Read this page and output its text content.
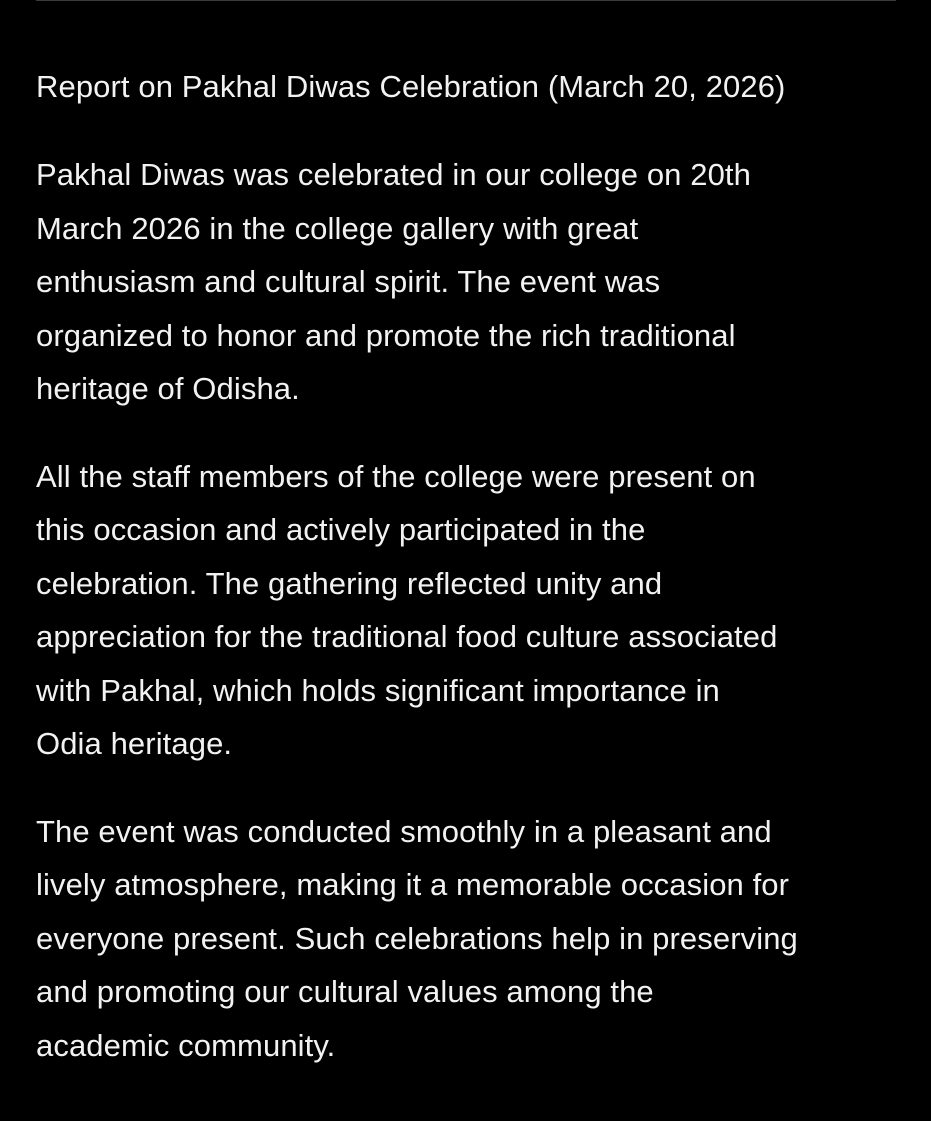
Report on Pakhal Diwas Celebration (March 20, 2026)
Pakhal Diwas was celebrated in our college on 20th
March 2026 in the college gallery with great
enthusiasm and cultural spirit. The event was
organized to honor and promote the rich traditional
heritage of Odisha.
All the staff members of the college were present on
this occasion and actively participated in the
celebration. The gathering reflected unity and
appreciation for the traditional food culture associated
with Pakhal, which holds significant importance in
Odia heritage.
The event was conducted smoothly in a pleasant and
lively atmosphere, making it a memorable occasion for
everyone present. Such celebrations help in preserving
and promoting our cultural values among the
academic community.
